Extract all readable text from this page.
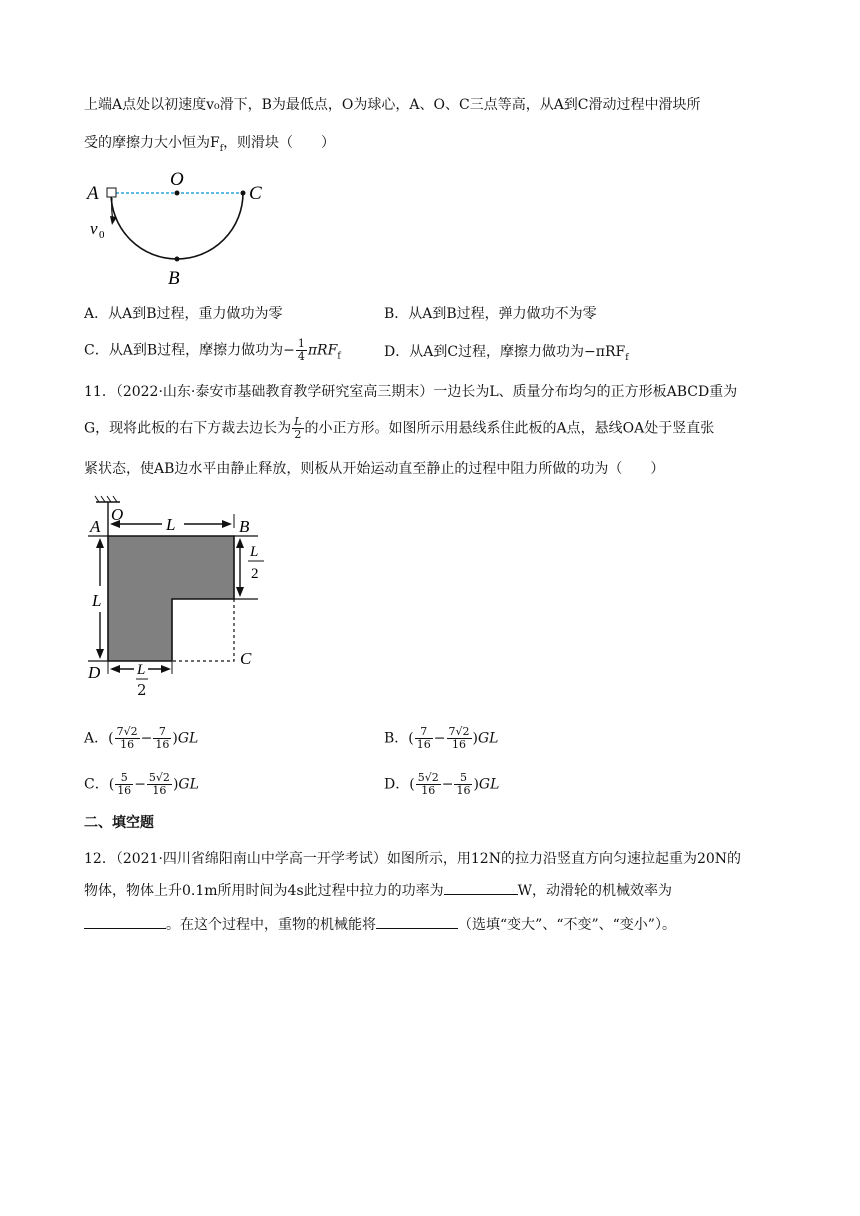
上端A点处以初速度v₀滑下，B为最低点，O为球心，A、O、C三点等高，从A到C滑动过程中滑块所
受的摩擦力大小恒为$F_f$，则滑块（　　）
A
O
C
B
v 0
A．从A到B过程，重力做功为零	B．从A到B过程，弹力做功不为零
C．从A到B过程，摩擦力做功为− $\frac{1}{4} \pi RF_f$	D．从A到C过程，摩擦力做功为−πRF$_f$
11．（2022·山东·泰安市基础教育教学研究室高三期末）一边长为L、质量分布均匀的正方形板ABCD重为
G，现将此板的右下方裁去边长为 $\frac{L}{2}$ 的小正方形。如图所示用悬线系住此板的A点，悬线OA处于竖直张
紧状态，使AB边水平由静止释放，则板从开始运动直至静止的过程中阻力所做的功为（　　）
A
O
L	B
L
L
2
C
D L
2
A．( $\frac{7√2}{16} - \frac{7}{16} )GL$	B．( $\frac{7}{16} - \frac{7√2}{16} )GL$
C．( $\frac{5}{16} - \frac{5√2}{16} )GL$	D．( $\frac{5√2}{16} - \frac{5}{16} )GL$
二、填空题
12．（2021·四川省绵阳南山中学高一开学考试）如图所示，用12N的拉力沿竖直方向匀速拉起重为20N的
物体，物体上升0.1m所用时间为4s此过程中拉力的功率为	W，动滑轮的机械效率为
。在这个过程中，重物的机械能将	（选填“变大”、“不变”、“变小”）。
